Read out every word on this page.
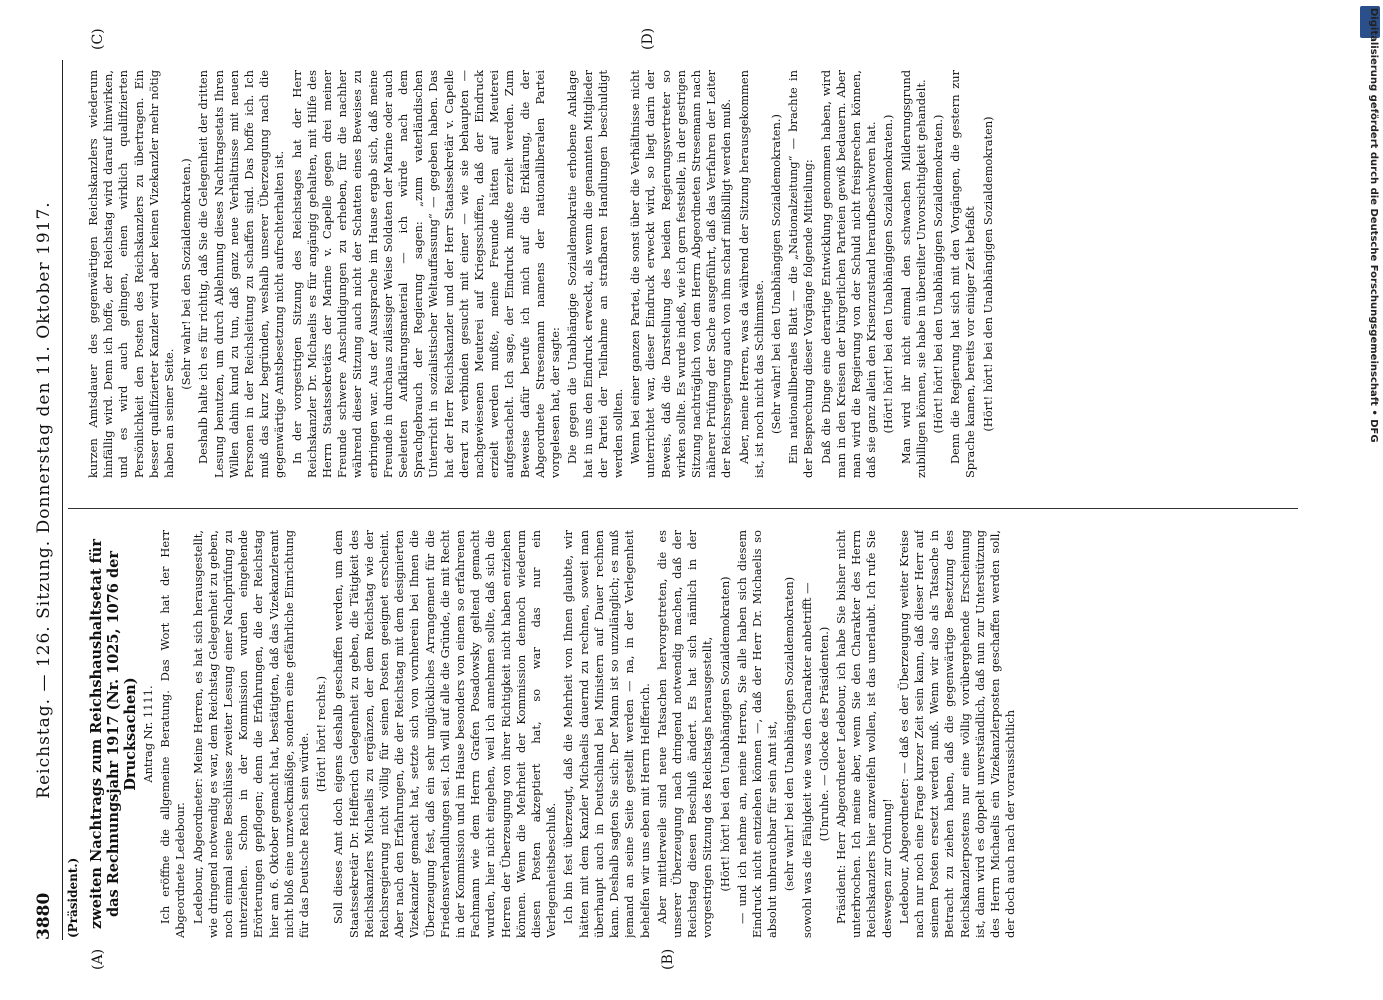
3880
Reichstag. — 126. Sitzung. Donnerstag den 11. Oktober 1917.
(Präsident.)
(A)	(B)
(C)	(D)

zweiten Nachtrags zum Reichshaushaltsetat für das Rechnungsjahr 1917 (Nr. 1025, 1076 der Drucksachen) Antrag Nr. 1111. Ich eröffne die allgemeine Beratung. Das Wort hat der Herr Abgeordnete Ledebour. Ledebour, Abgeordneter: Meine Herren, es hat sich herausgestellt, wie dringend notwendig es war, dem Reichstag Gelegenheit zu geben, noch einmal seine Beschlüsse zweiter Lesung einer Nachprüfung zu unterziehen. Schon in der Kommission wurden eingehende Erörterungen gepflogen; denn die Erfahrungen, die der Reichstag hier am 6. Oktober gemacht hat, bestätigten, daß das Vizekanzleramt nicht bloß eine unzweckmäßige, sondern eine gefährliche Einrichtung für das Deutsche Reich sein würde. (Hört! hört! rechts.) Soll dieses Amt doch eigens deshalb geschaffen werden, um dem Staatssekretär Dr. Helfferich Gelegenheit zu geben, die Tätigkeit des Reichskanzlers Michaelis zu ergänzen, der dem Reichstag wie der Reichsregierung nicht völlig für seinen Posten geeignet erscheint. Aber nach den Erfahrungen, die der Reichstag mit dem designierten Vizekanzler gemacht hat, setzte sich von vornherein bei Ihnen die Überzeugung fest, daß ein sehr unglückliches Arrangement für die Friedensverhandlungen sei. Ich will auf alle die Gründe, die mit Recht in der Kommission und im Hause besonders von einem so erfahrenen Fachmann wie dem Herrn Grafen Posadowsky geltend gemacht wurden, hier nicht eingehen, weil ich annehmen sollte, daß sich die Herren der Überzeugung von ihrer Richtigkeit nicht haben entziehen können. Wenn die Mehrheit der Kommission dennoch wiederum diesen Posten akzeptiert hat, so war das nur ein Verlegenheitsbeschluß. Ich bin fest überzeugt, daß die Mehrheit von Ihnen glaubte, wir hätten mit dem Kanzler Michaelis dauernd zu rechnen, soweit man überhaupt auch in Deutschland bei Ministern auf Dauer rechnen kann. Deshalb sagten Sie sich: Der Mann ist so unzulänglich; es muß jemand an seine Seite gestellt werden — na, in der Verlegenheit behelfen wir uns eben mit Herrn Helfferich. Aber mittlerweile sind neue Tatsachen hervorgetreten, die es unserer Überzeugung nach dringend notwendig machen, daß der Reichstag diesen Beschluß ändert. Es hat sich nämlich in der vorgestrigen Sitzung des Reichstags herausgestellt, (Hört! hört! bei den Unabhängigen Sozialdemokraten) — und ich nehme an, meine Herren, Sie alle haben sich diesem Eindruck nicht entziehen können —, daß der Herr Dr. Michaelis so absolut unbrauchbar für sein Amt ist, (sehr wahr! bei den Unabhängigen Sozialdemokraten) sowohl was die Fähigkeit wie was den Charakter anbetrifft — (Unruhe. — Glocke des Präsidenten.) Präsident: Herr Abgeordneter Ledebour, ich habe Sie bisher nicht unterbrochen. Ich meine aber, wenn Sie den Charakter des Herrn Reichskanzlers hier anzweifeln wollen, ist das unerlaubt. Ich rufe Sie deswegen zur Ordnung! Ledebour, Abgeordneter: — daß es der Überzeugung weiter Kreise nach nur noch eine Frage kurzer Zeit sein kann, daß dieser Herr auf seinem Posten ersetzt werden muß. Wenn wir also als Tatsache in Betracht zu ziehen haben, daß die gegenwärtige Besetzung des Reichskanzlerpostens nur eine völlig vorübergehende Erscheinung ist, dann wird es doppelt unverständlich, daß nun zur Unterstützung des Herrn Michaelis ein Vizekanzlerposten geschaffen werden soll, der doch auch nach der voraussichtlich

kurzen Amtsdauer des gegenwärtigen Reichskanzlers wiederum hinfällig wird. Denn ich hoffe, der Reichstag wird darauf hinwirken, und es wird auch gelingen, einen wirklich qualifizierten Persönlichkeit den Posten des Reichskanzlers zu übertragen. Ein besser qualifizierter Kanzler wird aber keinen Vizekanzler mehr nötig haben an seiner Seite.

(Sehr wahr! bei den Sozialdemokraten.) Deshalb halte ich es für richtig, daß Sie die Gelegenheit der dritten Lesung benutzen, um durch Ablehnung dieses Nachtragsetats Ihren Willen dahin kund zu tun, daß ganz neue Verhältnisse mit neuen Personen in der Reichsleitung zu schaffen sind. Das hoffe ich. Ich muß das kurz begründen, weshalb unserer Überzeugung nach die gegenwärtige Amtsbesetzung nicht aufrechterhalten ist. In der vorgestrigen Sitzung des Reichstages hat der Herr Reichskanzler Dr. Michaelis es für angängig gehalten, mit Hilfe des Herrn Staatssekretärs der Marine v. Capelle gegen drei meiner Freunde schwere Anschuldigungen zu erheben, für die nachher während dieser Sitzung auch nicht der Schatten eines Beweises zu erbringen war. Aus der Aussprache im Hause ergab sich, daß meine Freunde in durchaus zulässiger Weise Soldaten der Marine oder auch Seeleuten Aufklärungsmaterial — ich würde nach dem Sprachgebrauch der Regierung sagen: „zum vaterländischen Unterricht in sozialistischer Weltauffassung“ — gegeben haben. Das hat der Herr Reichskanzler und der Herr Staatssekretär v. Capelle derart zu verbinden gesucht mit einer — wie sie behaupten — nachgewiesenen Meuterei auf Kriegsschiffen, daß der Eindruck erzielt werden mußte, meine Freunde hätten auf Meuterei aufgestachelt. Ich sage, der Eindruck mußte erzielt werden. Zum Beweise dafür berufe ich mich auf die Erklärung, die der Abgeordnete Stresemann namens der nationalliberalen Partei vorgelesen hat, der sagte: Die gegen die Unabhängige Sozialdemokratie erhobene Anklage hat in uns den Eindruck erweckt, als wenn die genannten Mitglieder der Partei der Teilnahme an strafbaren Handlungen beschuldigt werden sollten. Wenn bei einer ganzen Partei, die sonst über die Verhältnisse nicht unterrichtet war, dieser Eindruck erweckt wird, so liegt darin der Beweis, daß die Darstellung des beiden Regierungsvertreter so wirken sollte. Es wurde indeß, wie ich gern feststelle, in der gestrigen Sitzung nachträglich von dem Herrn Abgeordneten Stresemann nach näherer Prüfung der Sache ausgeführt, daß das Verfahren der Leiter der Reichsregierung auch von ihm scharf mißbilligt werden muß. Aber, meine Herren, was da während der Sitzung herausgekommen ist, ist noch nicht das Schlimmste. (Sehr wahr! bei den Unabhängigen Sozialdemokraten.) Ein nationalliberales Blatt — die „Nationalzeitung“ — brachte in der Besprechung dieser Vorgänge folgende Mitteilung: Daß die Dinge eine derartige Entwicklung genommen haben, wird man in den Kreisen der bürgerlichen Parteien gewiß bedauern. Aber man wird die Regierung von der Schuld nicht freisprechen können, daß sie ganz allein den Krisenzustand heraufbeschworen hat. (Hört! hört! bei den Unabhängigen Sozialdemokraten.) Man wird ihr nicht einmal den schwachen Milderungsgrund zubilligen können, sie habe in übereilter Unvorsichtigkeit gehandelt. (Hört! hört! bei den Unabhängigen Sozialdemokraten.) Denn die Regierung hat sich mit den Vorgängen, die gestern zur Sprache kamen, bereits vor einiger Zeit befaßt (Hört! hört! bei den Unabhängigen Sozialdemokraten)	Digitalisierung gefördert durch die Deutsche Forschungsgemeinschaft • DFG
